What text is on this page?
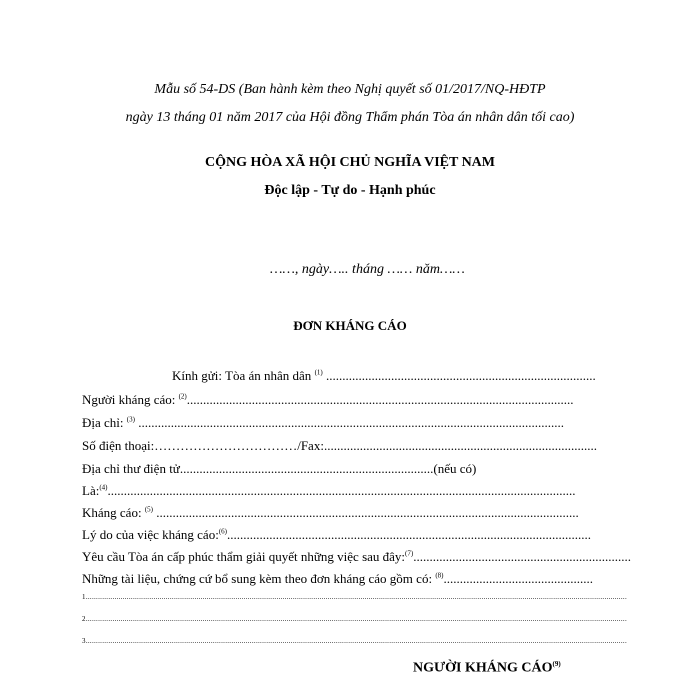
Mẫu số 54-DS (Ban hành kèm theo Nghị quyết số 01/2017/NQ-HĐTP
ngày 13 tháng 01 năm 2017 của Hội đồng Thẩm phán Tòa án nhân dân tối cao)
CỘNG HÒA XÃ HỘI CHỦ NGHĨA VIỆT NAM
Độc lập - Tự do - Hạnh phúc
……, ngày….. tháng …… năm……
ĐƠN KHÁNG CÁO
Kính gửi: Tòa án nhân dân $^{(1)}$ ...................................................................................
Người kháng cáo: $^{(2)}$.......................................................................................................................
Địa chỉ: $^{(3)}$ ...................................................................................................................................
Số điện thoại:……………………………/Fax:....................................................................................
Địa chỉ thư điện tử..............................................................................(nếu có)
Là:$^{(4)}$................................................................................................................................................
Kháng cáo: $^{(5)}$ ..................................................................................................................................
Lý do của việc kháng cáo:$^{(6)}$................................................................................................................
Yêu cầu Tòa án cấp phúc thẩm giải quyết những việc sau đây:$^{(7)}$...................................................................
Những tài liệu, chứng cứ bổ sung kèm theo đơn kháng cáo gồm có: $^{(8)}$..............................................
1........................................................................................................................................................................................................................................................................
2........................................................................................................................................................................................................................................................................
3........................................................................................................................................................................................................................................................................
NGƯỜI KHÁNG CÁO$^{(9)}$
